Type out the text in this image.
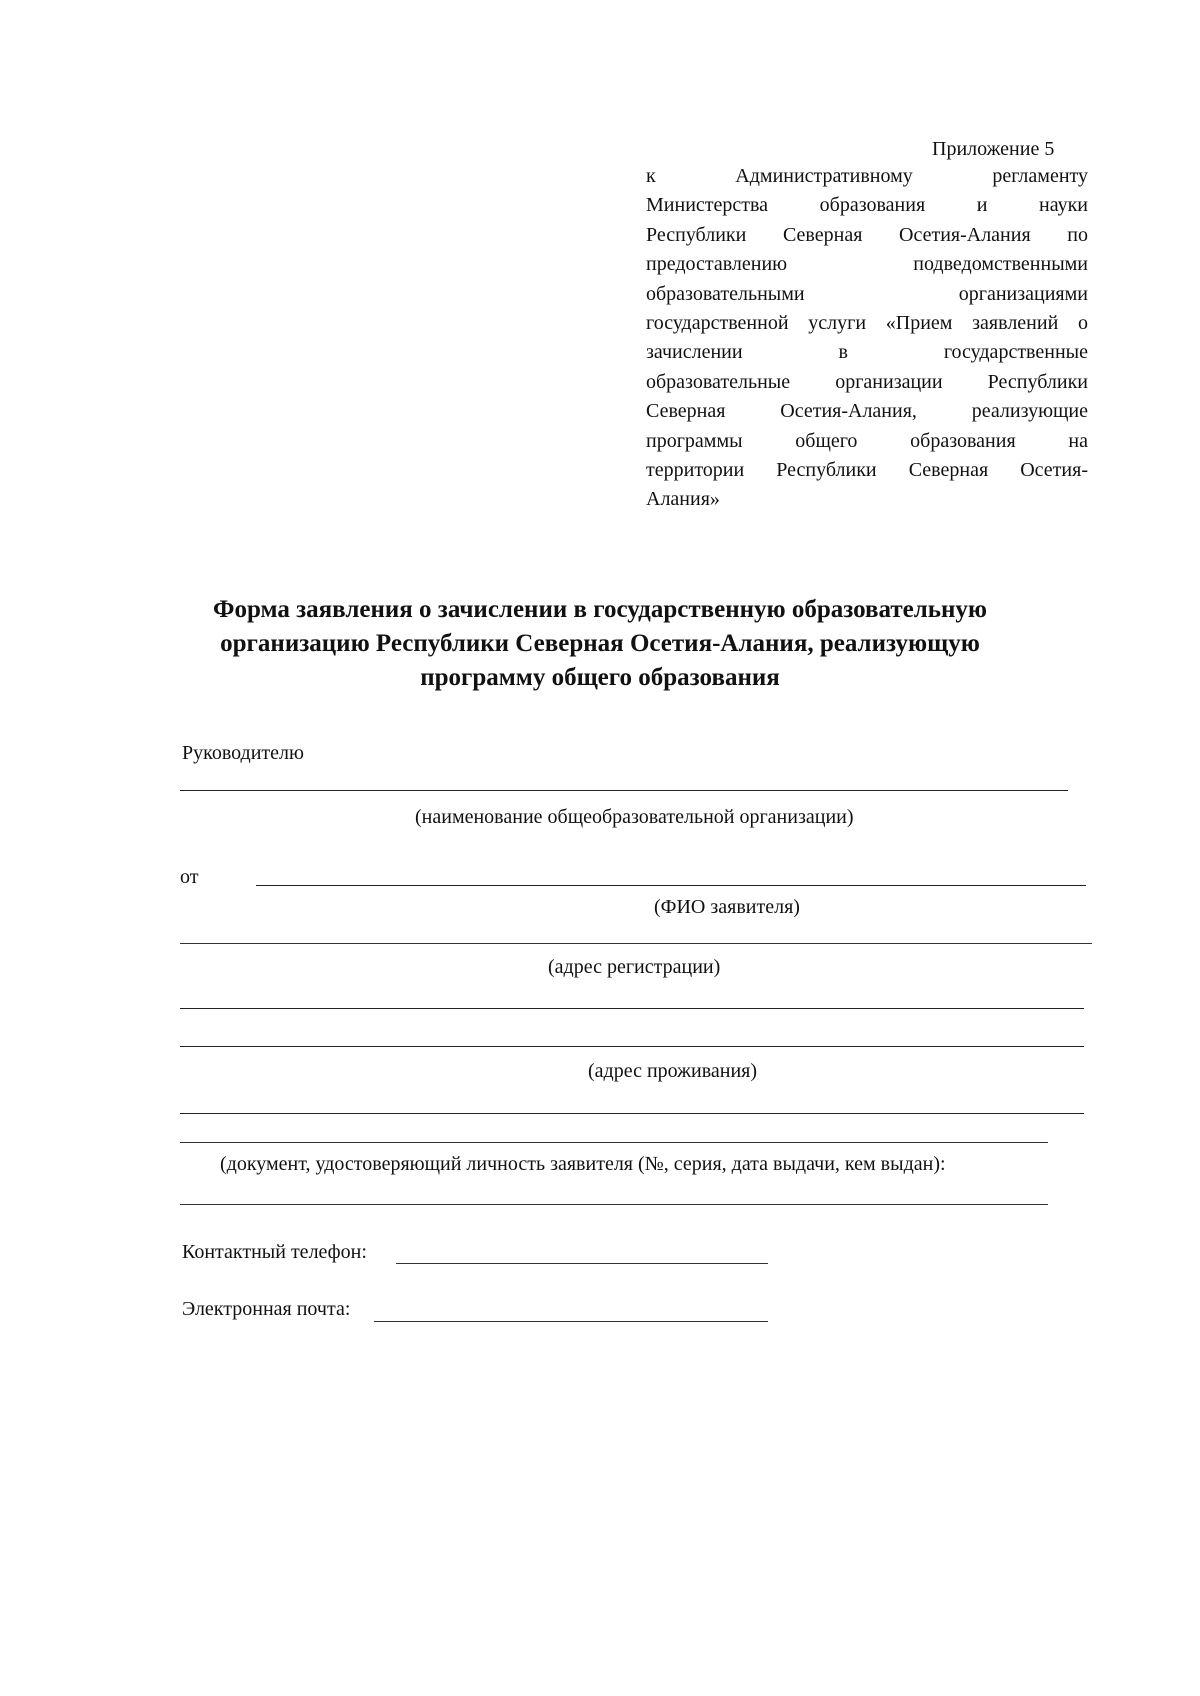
Приложение 5
к	Административному	регламенту
Министерства	образования	и	науки
Республики Северная Осетия-Алания по
предоставлению	подведомственными
образовательными	организациями
государственной услуги «Прием заявлений о
зачислении	в	государственные
образовательные организации Республики
Северная	Осетия-Алания,	реализующие
программы	общего	образования	на
территории Республики Северная Осетия-
Алания»
Форма заявления о зачислении в государственную образовательную
организацию Республики Северная Осетия-Алания, реализующую
программу общего образования
Руководителю
(наименование общеобразовательной организации)
от
(ФИО заявителя)
(адрес регистрации)
(адрес проживания)
(документ, удостоверяющий личность заявителя (№, серия, дата выдачи, кем выдан):
Контактный телефон:
Электронная почта:
